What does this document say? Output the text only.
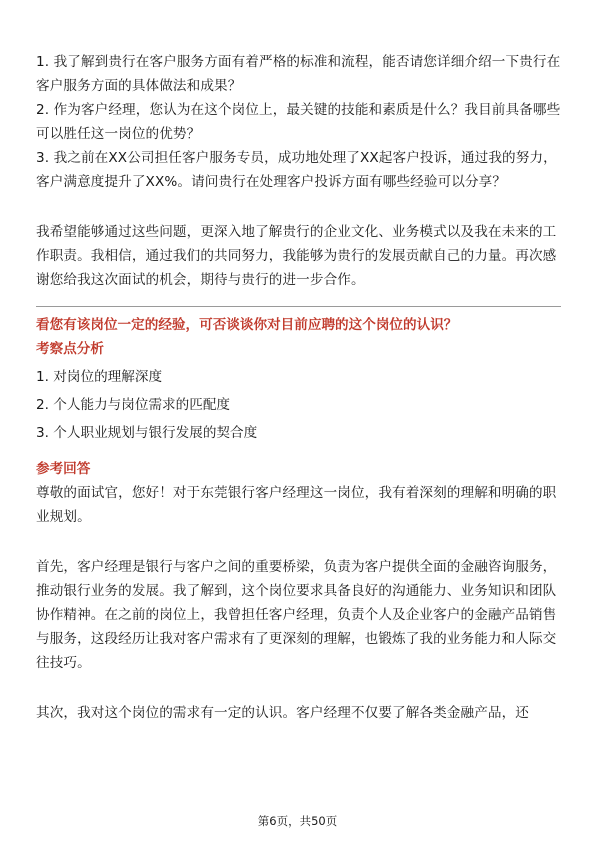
1. 我了解到贵行在客户服务方面有着严格的标准和流程，能否请您详细介绍一下贵行在客户服务方面的具体做法和成果？

2. 作为客户经理，您认为在这个岗位上，最关键的技能和素质是什么？我目前具备哪些可以胜任这一岗位的优势？

3. 我之前在XX公司担任客户服务专员，成功地处理了XX起客户投诉，通过我的努力，客户满意度提升了XX%。请问贵行在处理客户投诉方面有哪些经验可以分享？

我希望能够通过这些问题，更深入地了解贵行的企业文化、业务模式以及我在未来的工作职责。我相信，通过我们的共同努力，我能够为贵行的发展贡献自己的力量。再次感谢您给我这次面试的机会，期待与贵行的进一步合作。

看您有该岗位一定的经验，可否谈谈你对目前应聘的这个岗位的认识？

考察点分析

1. 对岗位的理解深度

2. 个人能力与岗位需求的匹配度

3. 个人职业规划与银行发展的契合度

参考回答

尊敬的面试官，您好！对于东莞银行客户经理这一岗位，我有着深刻的理解和明确的职业规划。

首先，客户经理是银行与客户之间的重要桥梁，负责为客户提供全面的金融咨询服务，推动银行业务的发展。我了解到，这个岗位要求具备良好的沟通能力、业务知识和团队协作精神。在之前的岗位上，我曾担任客户经理，负责个人及企业客户的金融产品销售与服务，这段经历让我对客户需求有了更深刻的理解，也锻炼了我的业务能力和人际交往技巧。

其次，我对这个岗位的需求有一定的认识。客户经理不仅要了解各类金融产品，还

第6页，共50页
